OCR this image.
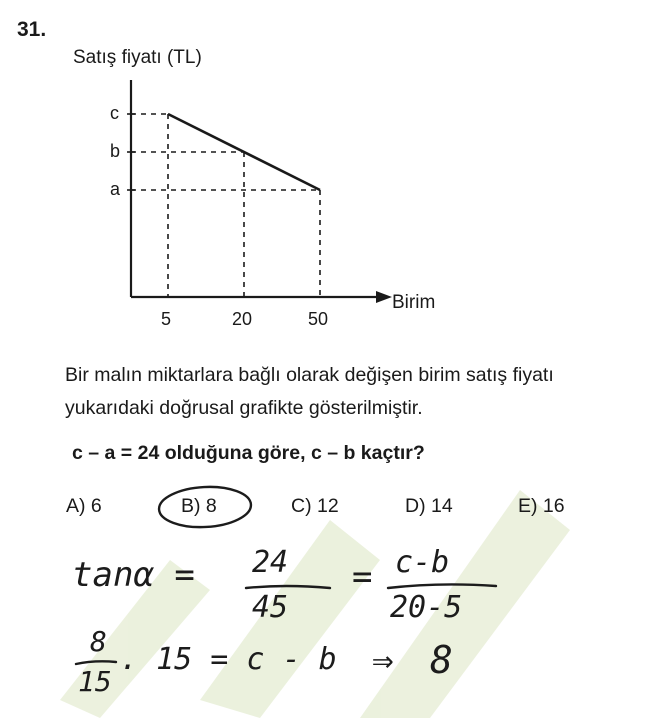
31.
Satış fiyatı (TL)
c
b
a
5	20	50
Birim
Bir malın miktarlara bağlı olarak değişen birim satış fiyatı yukarıdaki doğrusal grafikte gösterilmiştir.
c – a = 24 olduğuna göre, c – b kaçtır?
A) 6	B) 8	C) 12	D) 14	E) 16
tanα = 24
45
= c-b
20-5
8
15
. 15 = c - b ⇒ 8
